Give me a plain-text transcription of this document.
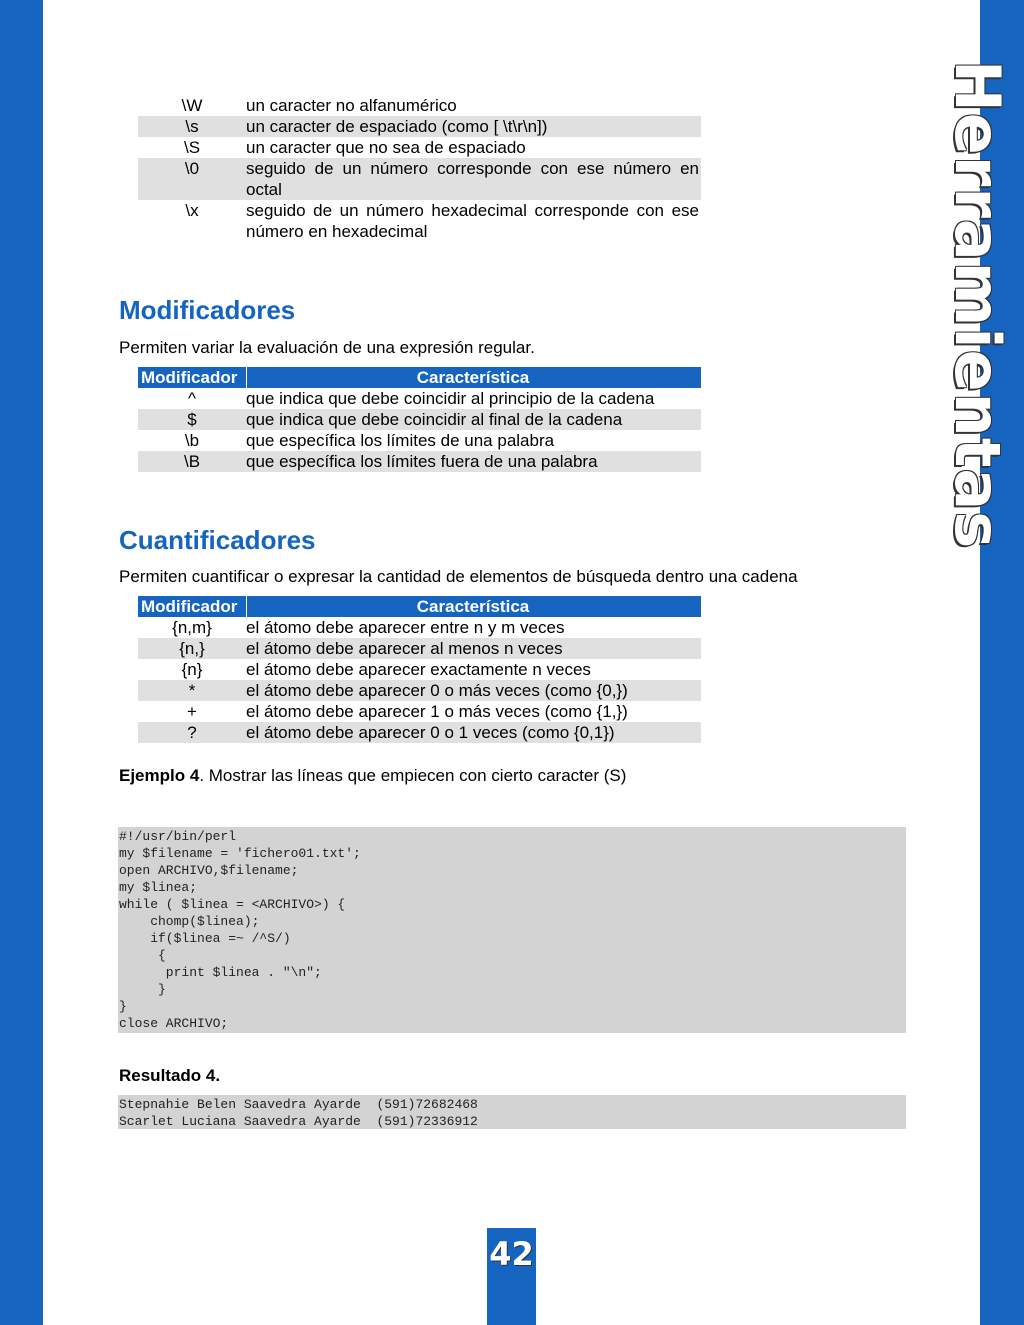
Herramientas
\W	un caracter no alfanumérico
\s	un caracter de espaciado (como [ \t\r\n])
\S	un caracter que no sea de espaciado
\0	seguido de un número corresponde con ese número en octal
\x	seguido de un número hexadecimal corresponde con ese número en hexadecimal
Modificadores
Permiten variar la evaluación de una expresión regular.
Modificador	Característica
^	que indica que debe coincidir al principio de la cadena
$	que indica que debe coincidir al final de la cadena
\b	que específica los límites de una palabra
\B	que específica los límites fuera de una palabra
Cuantificadores
Permiten cuantificar o expresar la cantidad de elementos de búsqueda dentro una cadena
Modificador	Característica
{n,m}	el átomo debe aparecer entre n y m veces
{n,}	el átomo debe aparecer al menos n veces
{n}	el átomo debe aparecer exactamente n veces
*	el átomo debe aparecer 0 o más veces (como {0,})
+	el átomo debe aparecer 1 o más veces (como {1,})
?	el átomo debe aparecer 0 o 1 veces (como {0,1})
Ejemplo 4. Mostrar las líneas que empiecen con cierto caracter (S)
#!/usr/bin/perl
my $filename = 'fichero01.txt';
open ARCHIVO,$filename;
my $linea;
while ( $linea = <ARCHIVO>) {
chomp($linea);
if($linea =~ /^S/)
{
print $linea . "\n";
}
}
close ARCHIVO;
Resultado 4.
Stepnahie Belen Saavedra Ayarde  (591)72682468
Scarlet Luciana Saavedra Ayarde  (591)72336912
42
